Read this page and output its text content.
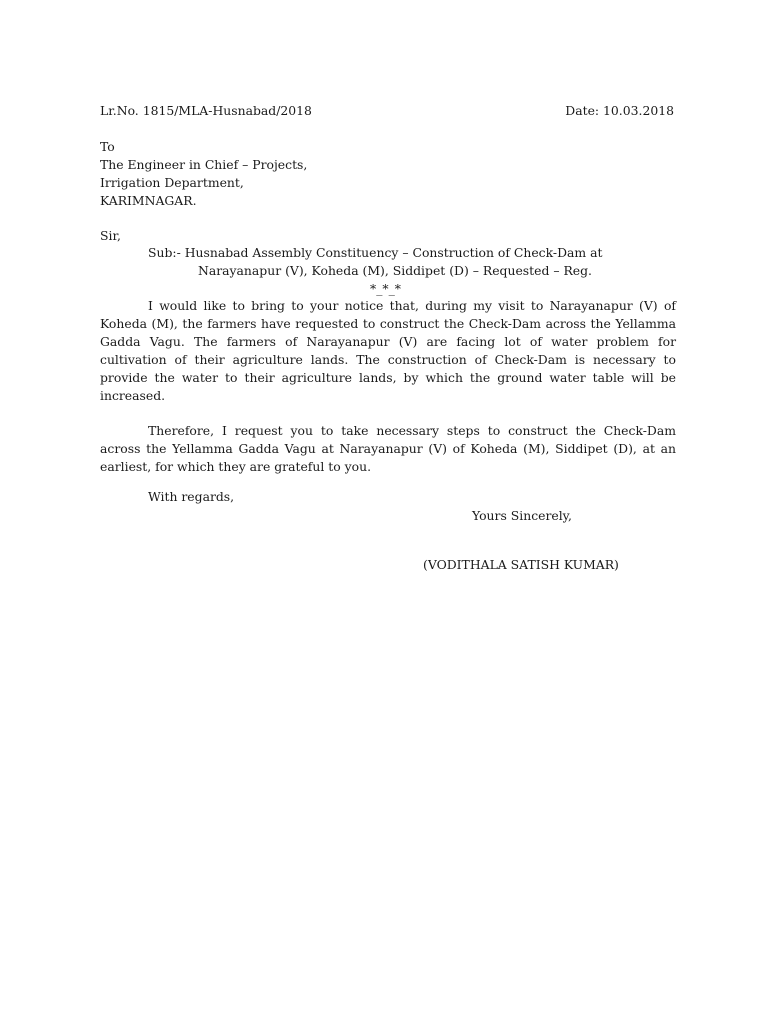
Lr.No. 1815/MLA-Husnabad/2018	Date: 10.03.2018
To
The Engineer in Chief – Projects,
Irrigation Department,
KARIMNAGAR.
Sir,
Sub:- Husnabad Assembly Constituency – Construction of Check-Dam at
Narayanapur (V), Koheda (M), Siddipet (D) – Requested – Reg.
*_*_*
I would like to bring to your notice that, during my visit to Narayanapur (V) of Koheda (M), the farmers have requested to construct the Check-Dam across the Yellamma Gadda Vagu. The farmers of Narayanapur (V) are facing lot of water problem for cultivation of their agriculture lands. The construction of Check-Dam is necessary to provide the water to their agriculture lands, by which the ground water table will be increased.
Therefore, I request you to take necessary steps to construct the Check-Dam across the Yellamma Gadda Vagu at Narayanapur (V) of Koheda (M), Siddipet (D), at an earliest, for which they are grateful to you.
With regards,
Yours Sincerely,
(VODITHALA SATISH KUMAR)
